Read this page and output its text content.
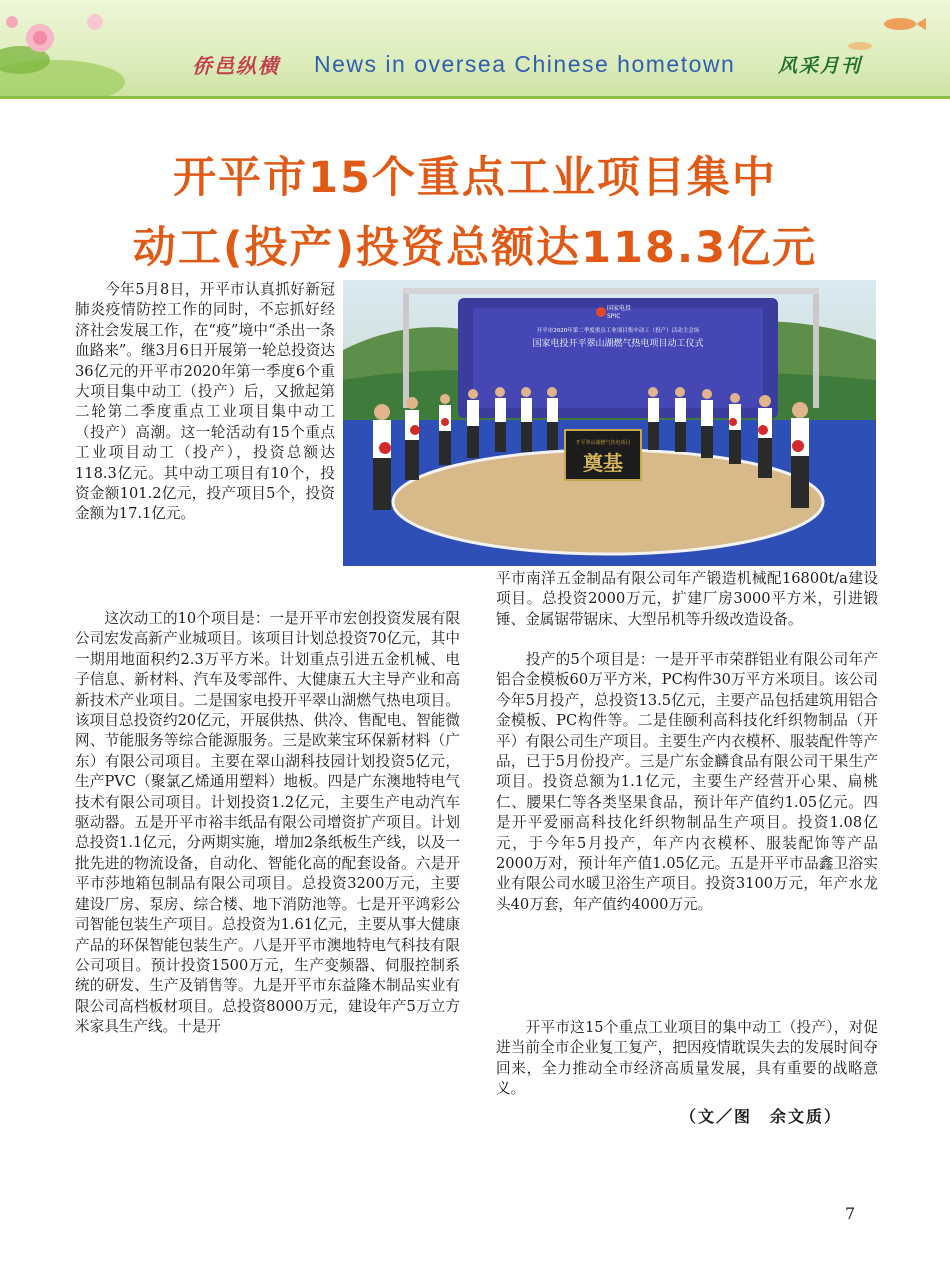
侨邑纵横 News in oversea Chinese hometown 风采月刊
开平市15个重点工业项目集中
动工(投产)投资总额达118.3亿元
国家电投
SPIC
开平市2020年第二季度重点工业项目集中动工（投产）活动主会场
国家电投开平翠山湖燃气热电项目动工仪式
开平翠山湖燃气热电项目
奠基

　　今年5月8日，开平市认真抓好新冠肺炎疫情防控工作的同时，不忘抓好经济社会发展工作，在“疫”境中“杀出一条血路来”。继3月6日开展第一轮总投资达36亿元的开平市2020年第一季度6个重大项目集中动工（投产）后，又掀起第二轮第二季度重点工业项目集中动工（投产）高潮。这一轮活动有15个重点工业项目动工（投产），投资总额达118.3亿元。其中动工项目有10个，投资金额101.2亿元，投产项目5个，投资金额为17.1亿元。

　　这次动工的10个项目是：一是开平市宏创投资发展有限公司宏发高新产业城项目。该项目计划总投资70亿元，其中一期用地面积约2.3万平方米。计划重点引进五金机械、电子信息、新材料、汽车及零部件、大健康五大主导产业和高新技术产业项目。二是国家电投开平翠山湖燃气热电项目。该项目总投资约20亿元，开展供热、供冷、售配电、智能微网、节能服务等综合能源服务。三是欧莱宝环保新材料（广东）有限公司项目。主要在翠山湖科技园计划投资5亿元，生产PVC（聚氯乙烯通用塑料）地板。四是广东澳地特电气技术有限公司项目。计划投资1.2亿元，主要生产电动汽车驱动器。五是开平市裕丰纸品有限公司增资扩产项目。计划总投资1.1亿元，分两期实施，增加2条纸板生产线，以及一批先进的物流设备，自动化、智能化高的配套设备。六是开平市莎地箱包制品有限公司项目。总投资3200万元，主要建设厂房、泵房、综合楼、地下消防池等。七是开平鸿彩公司智能包装生产项目。总投资为1.61亿元，主要从事大健康产品的环保智能包装生产。八是开平市澳地特电气科技有限公司项目。预计投资1500万元，生产变频器、伺服控制系统的研发、生产及销售等。九是开平市东益隆木制品实业有限公司高档板材项目。总投资8000万元，建设年产5万立方米家具生产线。十是开

平市南洋五金制品有限公司年产锻造机械配16800t/a建设项目。总投资2000万元，扩建厂房3000平方米，引进锻锤、金属锯带锯床、大型吊机等升级改造设备。

　　投产的5个项目是：一是开平市荣群铝业有限公司年产铝合金模板60万平方米，PC构件30万平方米项目。该公司今年5月投产，总投资13.5亿元，主要产品包括建筑用铝合金模板、PC构件等。二是佳颐利高科技化纤织物制品（开平）有限公司生产项目。主要生产内衣模杯、服装配件等产品，已于5月份投产。三是广东金麟食品有限公司干果生产项目。投资总额为1.1亿元，主要生产经营开心果、扁桃仁、腰果仁等各类坚果食品，预计年产值约1.05亿元。四是开平爱丽高科技化纤织物制品生产项目。投资1.08亿元，于今年5月投产，年产内衣模杯、服装配饰等产品2000万对，预计年产值1.05亿元。五是开平市品鑫卫浴实业有限公司水暖卫浴生产项目。投资3100万元，年产水龙头40万套，年产值约4000万元。

　　开平市这15个重点工业项目的集中动工（投产），对促进当前全市企业复工复产，把因疫情耽误失去的发展时间夺回来，全力推动全市经济高质量发展，具有重要的战略意义。

（文／图　余文质）
7
